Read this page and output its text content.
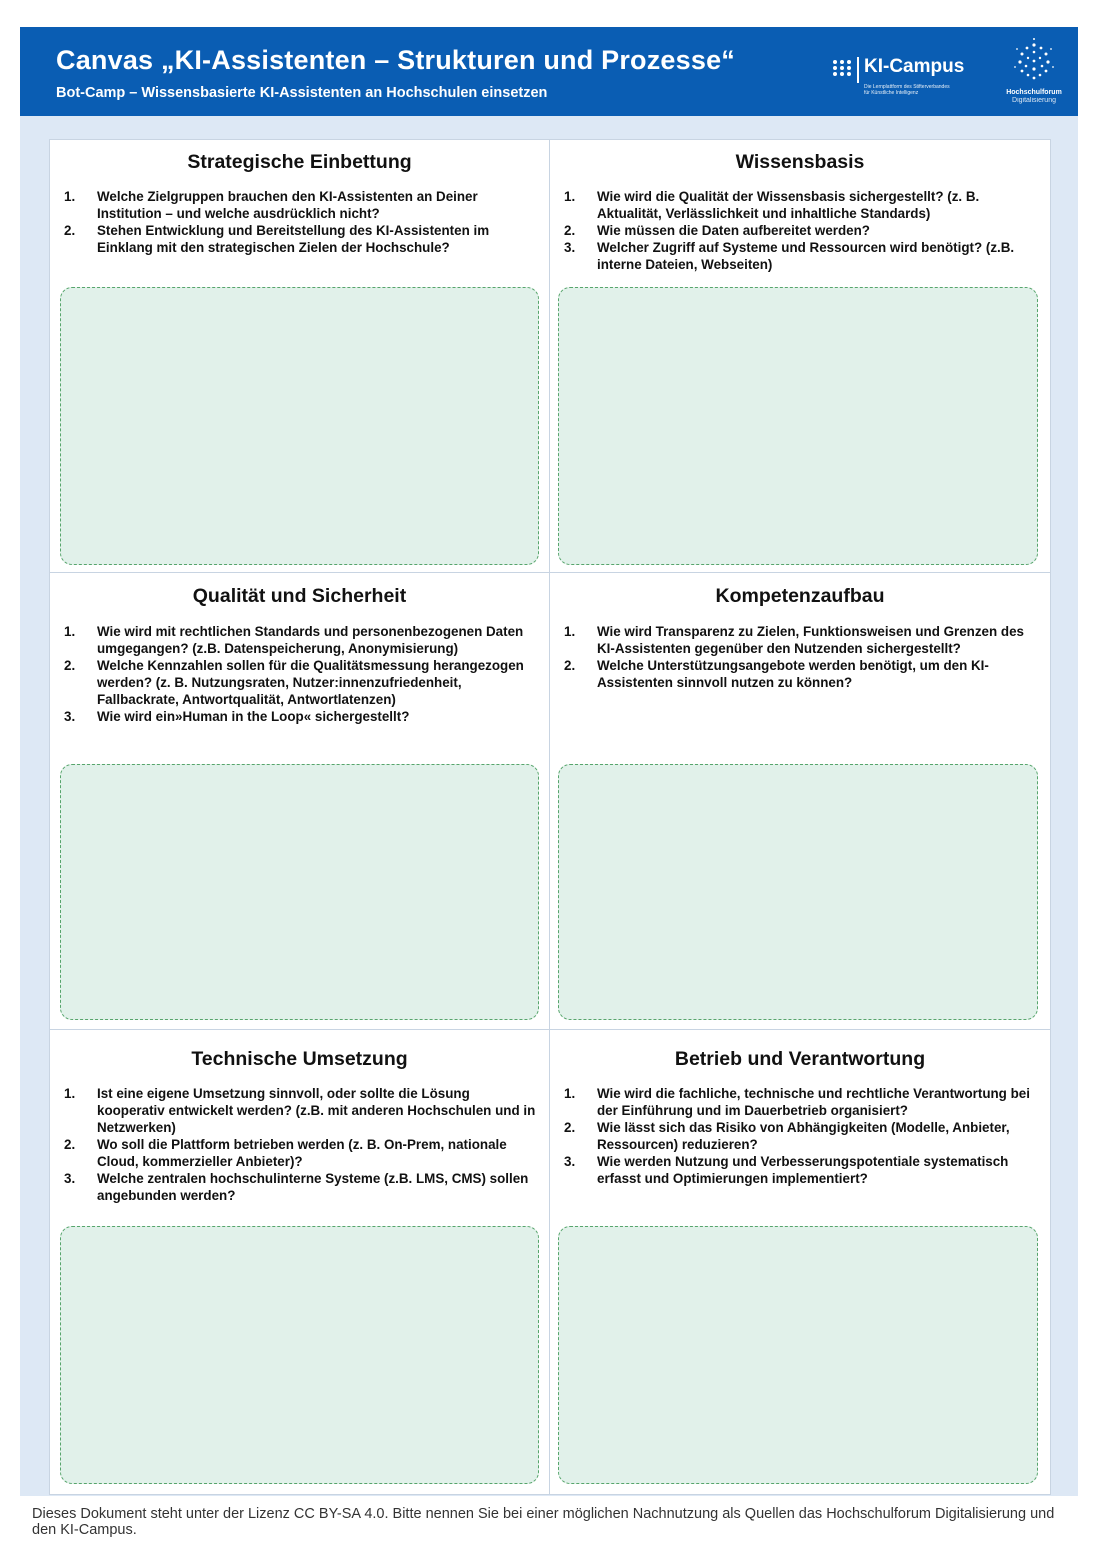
Canvas „KI-Assistenten – Strukturen und Prozesse“
Bot-Camp – Wissensbasierte KI-Assistenten an Hochschulen einsetzen
KI-Campus
Die Lernplattform des Stifterverbandes
für Künstliche Intelligenz	Hochschulforum
Digitalisierung
Strategische Einbettung
1. Welche Zielgruppen brauchen den KI-Assistenten an Deiner Institution – und welche ausdrücklich nicht?
2. Stehen Entwicklung und Bereitstellung des KI-Assistenten im Einklang mit den strategischen Zielen der Hochschule?
Wissensbasis
1. Wie wird die Qualität der Wissensbasis sichergestellt? (z. B. Aktualität, Verlässlichkeit und inhaltliche Standards)
2. Wie müssen die Daten aufbereitet werden?
3. Welcher Zugriff auf Systeme und Ressourcen wird benötigt? (z.B. interne Dateien, Webseiten)
Qualität und Sicherheit
1. Wie wird mit rechtlichen Standards und personenbezogenen Daten umgegangen? (z.B. Datenspeicherung, Anonymisierung)
2. Welche Kennzahlen sollen für die Qualitätsmessung herangezogen werden? (z. B. Nutzungsraten, Nutzer:innenzufriedenheit, Fallbackrate, Antwortqualität, Antwortlatenzen)
3. Wie wird ein»Human in the Loop« sichergestellt?
Kompetenzaufbau
1. Wie wird Transparenz zu Zielen, Funktionsweisen und Grenzen des KI-Assistenten gegenüber den Nutzenden sichergestellt?
2. Welche Unterstützungsangebote werden benötigt, um den KI-Assistenten sinnvoll nutzen zu können?
Technische Umsetzung
1. Ist eine eigene Umsetzung sinnvoll, oder sollte die Lösung kooperativ entwickelt werden? (z.B. mit anderen Hochschulen und in Netzwerken)
2. Wo soll die Plattform betrieben werden (z. B. On-Prem, nationale Cloud, kommerzieller Anbieter)?
3. Welche zentralen hochschulinterne Systeme (z.B. LMS, CMS) sollen angebunden werden?
Betrieb und Verantwortung
1. Wie wird die fachliche, technische und rechtliche Verantwortung bei der Einführung und im Dauerbetrieb organisiert?
2. Wie lässt sich das Risiko von Abhängigkeiten (Modelle, Anbieter, Ressourcen) reduzieren?
3. Wie werden Nutzung und Verbesserungspotentiale systematisch erfasst und Optimierungen implementiert?
Dieses Dokument steht unter der Lizenz CC BY-SA 4.0. Bitte nennen Sie bei einer möglichen Nachnutzung als Quellen das Hochschulforum Digitalisierung und den KI-Campus.
